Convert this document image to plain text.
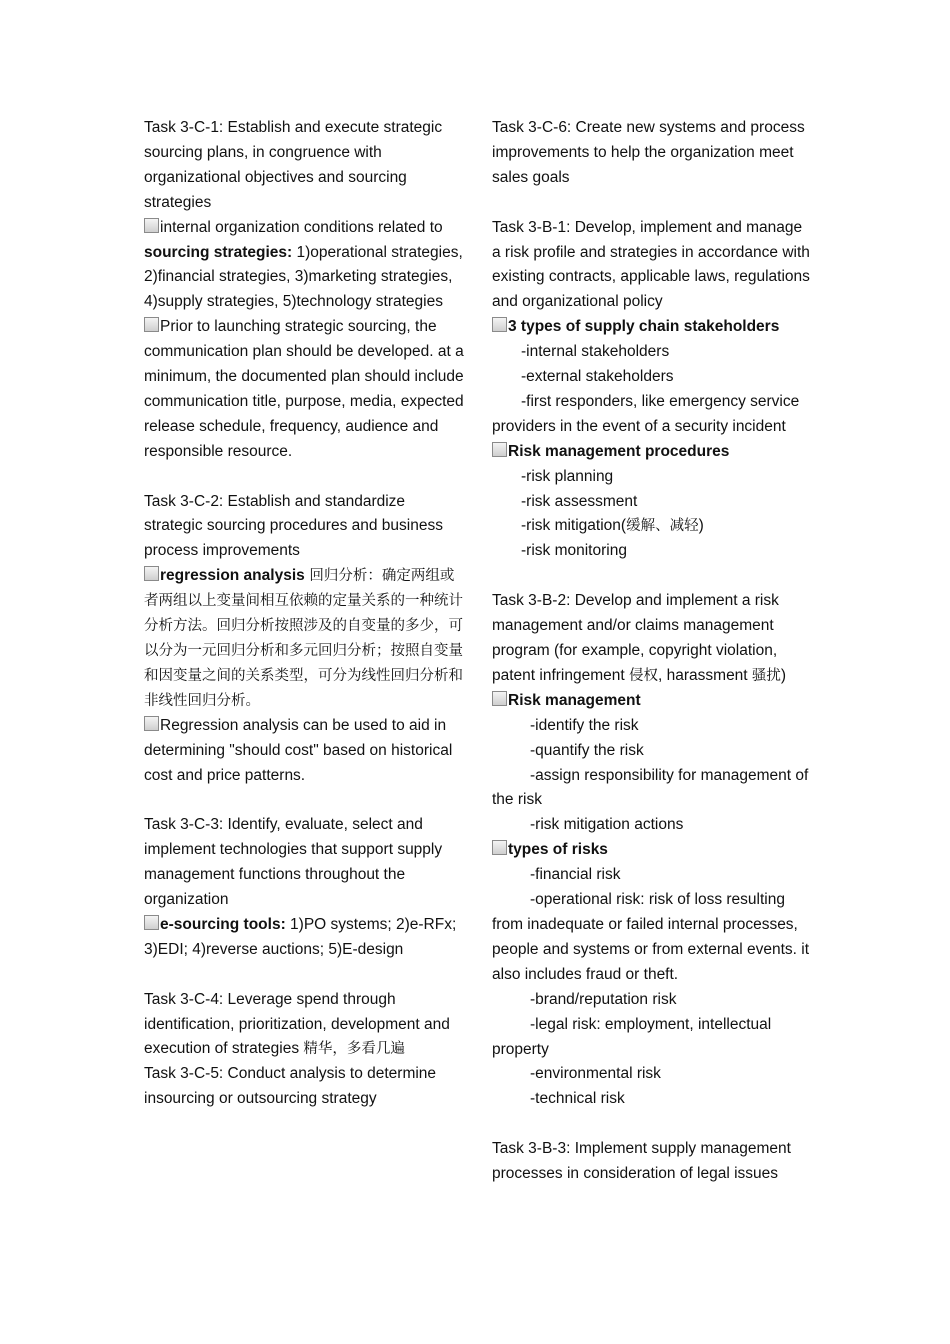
Task 3-C-1: Establish and execute strategic sourcing plans, in congruence with organizational objectives and sourcing strategies

internal organization conditions related to sourcing strategies: 1)operational strategies, 2)financial strategies, 3)marketing strategies, 4)supply strategies, 5)technology strategies

Prior to launching strategic sourcing, the communication plan should be developed. at a minimum, the documented plan should include communication title, purpose, media, expected release schedule, frequency, audience and responsible resource.

Task 3-C-2: Establish and standardize strategic sourcing procedures and business process improvements

regression analysis 回归分析：确定两组或者两组以上变量间相互依赖的定量关系的一种统计分析方法。回归分析按照涉及的自变量的多少，可以分为一元回归分析和多元回归分析；按照自变量和因变量之间的关系类型，可分为线性回归分析和非线性回归分析。

Regression analysis can be used to aid in determining "should cost" based on historical cost and price patterns.

Task 3-C-3: Identify, evaluate, select and implement technologies that support supply management functions throughout the organization

e-sourcing tools: 1)PO systems; 2)e-RFx; 3)EDI; 4)reverse auctions; 5)E-design

Task 3-C-4: Leverage spend through identification, prioritization, development and execution of strategies 精华，多看几遍

Task 3-C-5: Conduct analysis to determine insourcing or outsourcing strategy

Task 3-C-6: Create new systems and process improvements to help the organization meet sales goals

Task 3-B-1: Develop, implement and manage a risk profile and strategies in accordance with existing contracts, applicable laws, regulations and organizational policy

3 types of supply chain stakeholders

-internal stakeholders

-external stakeholders

-first responders, like emergency service providers in the event of a security incident

Risk management procedures

-risk planning

-risk assessment

-risk mitigation(缓解、减轻)

-risk monitoring

Task 3-B-2: Develop and implement a risk management and/or claims management program (for example, copyright violation, patent infringement 侵权, harassment 骚扰)

Risk management

-identify the risk

-quantify the risk

-assign responsibility for management of the risk

-risk mitigation actions

types of risks

-financial risk

-operational risk: risk of loss resulting from inadequate or failed internal processes, people and systems or from external events. it also includes fraud or theft.

-brand/reputation risk

-legal risk: employment, intellectual property

-environmental risk

-technical risk

Task 3-B-3: Implement supply management processes in consideration of legal issues
